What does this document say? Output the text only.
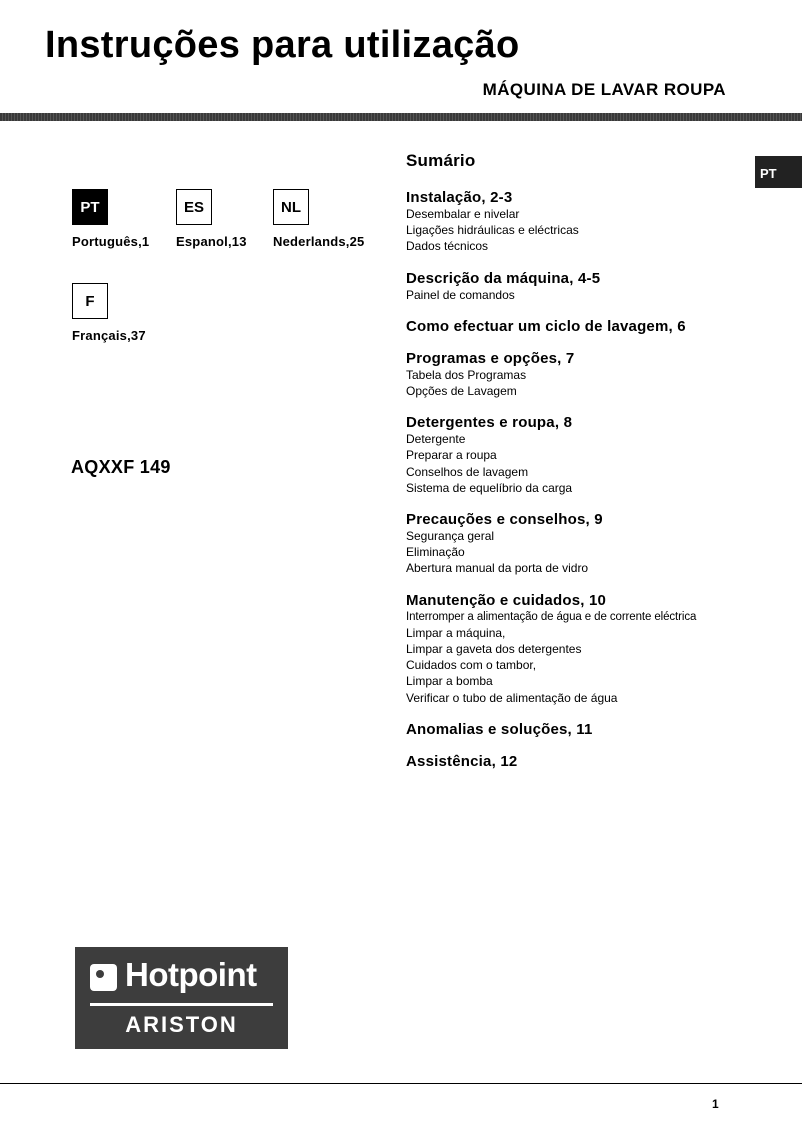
Instruções para utilização
MÁQUINA DE LAVAR ROUPA
PT
PT
Português,1
ES
Espanol,13
NL
Nederlands,25
F
Français,37
AQXXF 149
Sumário
Instalação, 2-3
Desembalar e nivelar
Ligações hidráulicas e eléctricas
Dados técnicos
Descrição da máquina, 4-5
Painel de comandos
Como efectuar um ciclo de lavagem, 6
Programas e opções, 7
Tabela dos Programas
Opções de Lavagem
Detergentes e roupa, 8
Detergente
Preparar a roupa
Conselhos de lavagem
Sistema de equelíbrio da carga
Precauções e conselhos, 9
Segurança geral
Eliminação
Abertura manual da porta de vidro
Manutenção e cuidados, 10
Interromper a alimentação de água e de corrente eléctrica
Limpar a máquina,
Limpar a gaveta dos detergentes
Cuidados com o tambor,
Limpar a bomba
Verificar o tubo de alimentação de água
Anomalias e soluções, 11
Assistência, 12
Hotpoint
ARISTON
1
